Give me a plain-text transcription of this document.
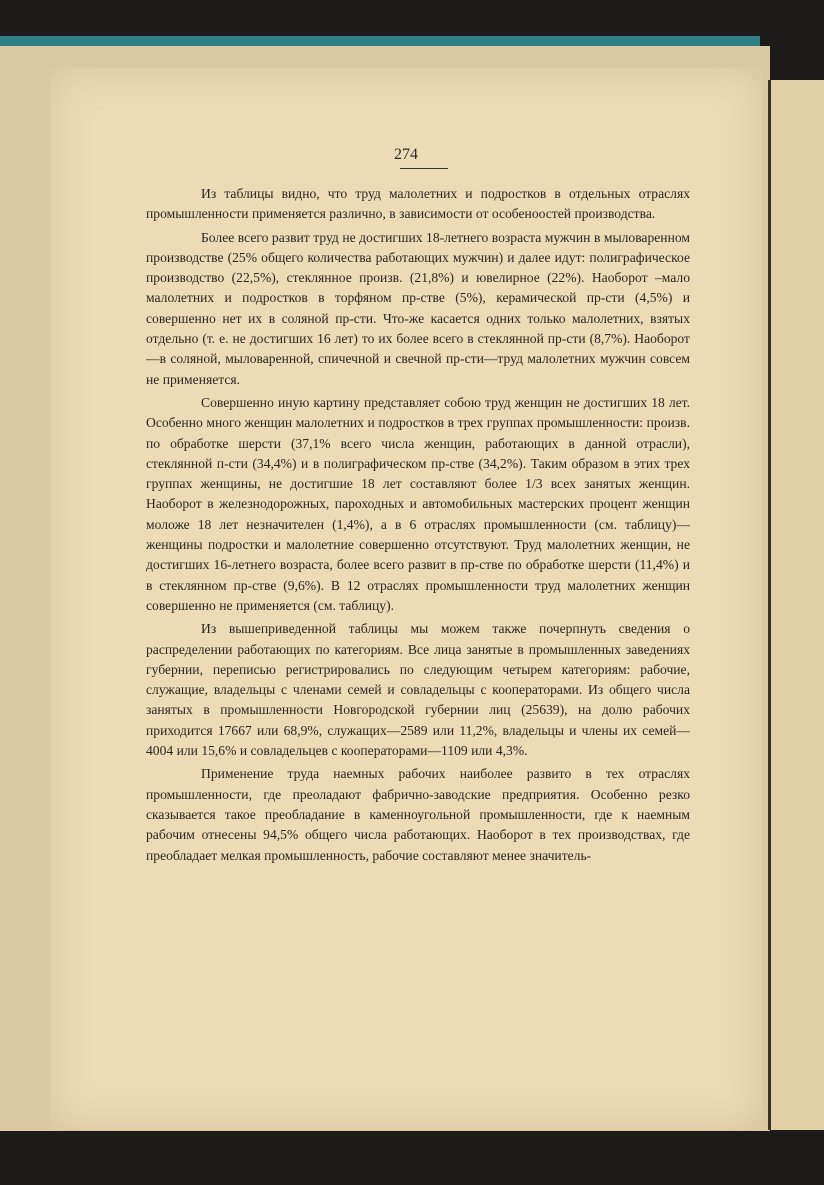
274

Из таблицы видно, что труд малолетних и подростков в отдельных отраслях промышленности применяется различно, в зависимости от особеноостей производства.

Более всего развит труд не достигших 18-летнего возраста мужчин в мыловаренном производстве (25% общего количества работающих мужчин) и далее идут: полиграфическое производство (22,5%), стеклянное произв. (21,8%) и ювелирное (22%). Наоборот –мало малолетних и подростков в торфяном пр-стве (5%), керамической пр-сти (4,5%) и совершенно нет их в соляной пр-сти. Что-же касается одних только малолетних, взятых отдельно (т. е. не достигших 16 лет) то их более всего в стеклянной пр-сти (8,7%). Наоборот—в соляной, мыловаренной, спичечной и свечной пр-сти—труд малолетних мужчин совсем не применяется.

Совершенно иную картину представляет собою труд женщин не достигших 18 лет. Особенно много женщин малолетних и подростков в трех группах промышленности: произв. по обработке шерсти (37,1% всего числа женщин, работающих в данной отрасли), стеклянной п-сти (34,4%) и в полиграфическом пр-стве (34,2%). Таким образом в этих трех группах женщины, не достигшие 18 лет составляют более 1/3 всех занятых женщин. Наоборот в железнодорожных, пароходных и автомобильных мастерских процент женщин моложе 18 лет незначителен (1,4%), а в 6 отраслях промышленности (см. таблицу)—женщины подростки и малолетние совершенно отсутствуют. Труд малолетних женщин, не достигших 16-летнего возраста, более всего развит в пр-стве по обработке шерсти (11,4%) и в стеклянном пр-стве (9,6%). В 12 отраслях промышленности труд малолетних женщин совершенно не применяется (см. таблицу).

Из вышеприведенной таблицы мы можем также почерпнуть сведения о распределении работающих по категориям. Все лица занятые в промышленных заведениях губернии, переписью регистрировались по следующим четырем категориям: рабочие, служащие, владельцы с членами семей и совладельцы с кооператорами. Из общего числа занятых в промышленности Новгородской губернии лиц (25639), на долю рабочих приходится 17667 или 68,9%, служащих—2589 или 11,2%, владельцы и члены их семей—4004 или 15,6% и совладельцев с кооператорами—1109 или 4,3%.

Применение труда наемных рабочих наиболее развито в тех отраслях промышленности, где преоладают фабрично-заводские предприятия. Особенно резко сказывается такое преобладание в каменноугольной промышленности, где к наемным рабочим отнесены 94,5% общего числа работающих. Наоборот в тех производствах, где преобладает мелкая промышленность, рабочие составляют менее значитель-
